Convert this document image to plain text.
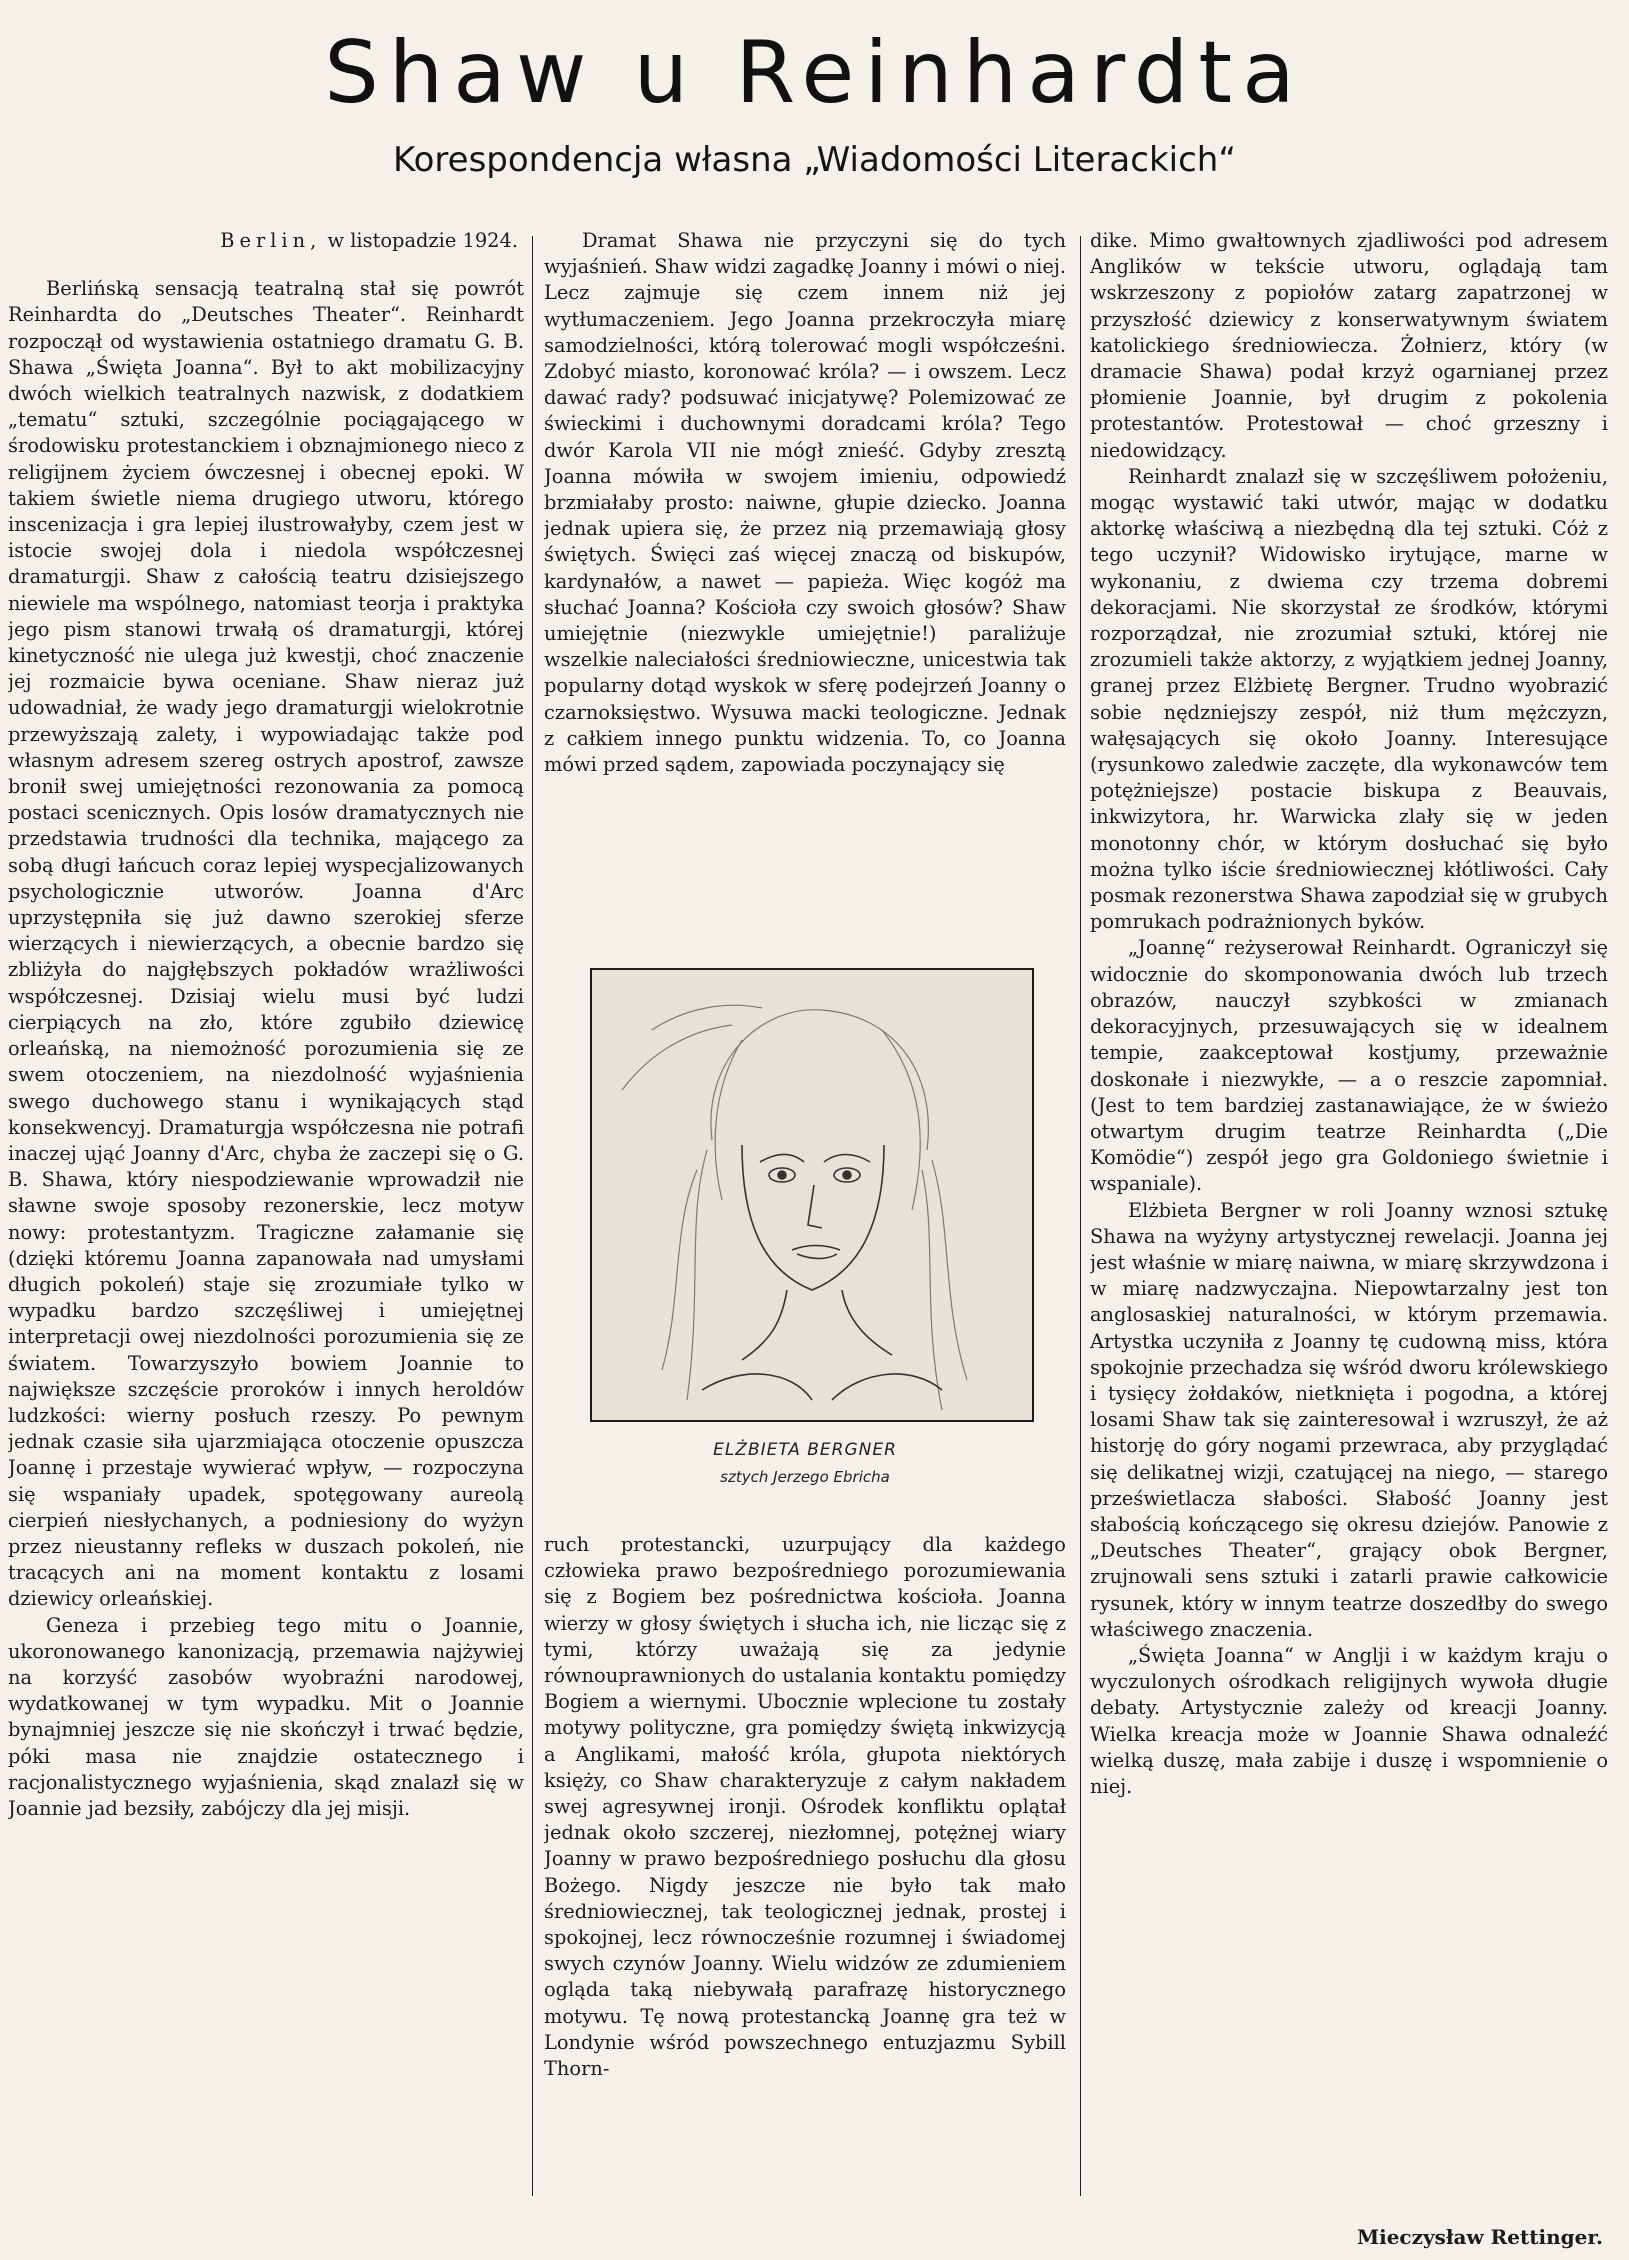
Shaw u Reinhardta
Korespondencja własna „Wiadomości Literackich“
Berlin, w listopadzie 1924.

Berlińską sensacją teatralną stał się powrót Reinhardta do „Deutsches Theater“. Reinhardt rozpoczął od wystawienia ostatniego dramatu G. B. Shawa „Święta Joanna“. Był to akt mobilizacyjny dwóch wielkich teatralnych nazwisk, z dodatkiem „tematu“ sztuki, szczególnie pociągającego w środowisku protestanckiem i obznajmionego nieco z religijnem życiem ówczesnej i obecnej epoki. W takiem świetle niema drugiego utworu, którego inscenizacja i gra lepiej ilustrowałyby, czem jest w istocie swojej dola i niedola współczesnej dramaturgji. Shaw z całością teatru dzisiejszego niewiele ma wspólnego, natomiast teorja i praktyka jego pism stanowi trwałą oś dramaturgji, której kinetyczność nie ulega już kwestji, choć znaczenie jej rozmaicie bywa oceniane. Shaw nieraz już udowadniał, że wady jego dramaturgji wielokrotnie przewyższają zalety, i wypowiadając także pod własnym adresem szereg ostrych apostrof, zawsze bronił swej umiejętności rezonowania za pomocą postaci scenicznych. Opis losów dramatycznych nie przedstawia trudności dla technika, mającego za sobą długi łańcuch coraz lepiej wyspecjalizowanych psychologicznie utworów. Joanna d'Arc uprzystępniła się już dawno szerokiej sferze wierzących i niewierzących, a obecnie bardzo się zbliżyła do najgłębszych pokładów wrażliwości współczesnej. Dzisiaj wielu musi być ludzi cierpiących na zło, które zgubiło dziewicę orleańską, na niemożność porozumienia się ze swem otoczeniem, na niezdolność wyjaśnienia swego duchowego stanu i wynikających stąd konsekwencyj. Dramaturgja współczesna nie potrafi inaczej ująć Joanny d'Arc, chyba że zaczepi się o G. B. Shawa, który niespodziewanie wprowadził nie sławne swoje sposoby rezonerskie, lecz motyw nowy: protestantyzm. Tragiczne załamanie się (dzięki któremu Joanna zapanowała nad umysłami długich pokoleń) staje się zrozumiałe tylko w wypadku bardzo szczęśliwej i umiejętnej interpretacji owej niezdolności porozumienia się ze światem. Towarzyszyło bowiem Joannie to największe szczęście proroków i innych heroldów ludzkości: wierny posłuch rzeszy. Po pewnym jednak czasie siła ujarzmiająca otoczenie opuszcza Joannę i przestaje wywierać wpływ, — rozpoczyna się wspaniały upadek, spotęgowany aureolą cierpień niesłychanych, a podniesiony do wyżyn przez nieustanny refleks w duszach pokoleń, nie tracących ani na moment kontaktu z losami dziewicy orleańskiej.

Geneza i przebieg tego mitu o Joannie, ukoronowanego kanonizacją, przemawia najżywiej na korzyść zasobów wyobraźni narodowej, wydatkowanej w tym wypadku. Mit o Joannie bynajmniej jeszcze się nie skończył i trwać będzie, póki masa nie znajdzie ostatecznego i racjonalistycznego wyjaśnienia, skąd znalazł się w Joannie jad bezsiły, zabójczy dla jej misji.

Dramat Shawa nie przyczyni się do tych wyjaśnień. Shaw widzi zagadkę Joanny i mówi o niej. Lecz zajmuje się czem innem niż jej wytłumaczeniem. Jego Joanna przekroczyła miarę samodzielności, którą tolerować mogli współcześni. Zdobyć miasto, koronować króla? — i owszem. Lecz dawać rady? podsuwać inicjatywę? Polemizować ze świeckimi i duchownymi doradcami króla? Tego dwór Karola VII nie mógł znieść. Gdyby zresztą Joanna mówiła w swojem imieniu, odpowiedź brzmiałaby prosto: naiwne, głupie dziecko. Joanna jednak upiera się, że przez nią przemawiają głosy świętych. Święci zaś więcej znaczą od biskupów, kardynałów, a nawet — papieża. Więc kogóż ma słuchać Joanna? Kościoła czy swoich głosów? Shaw umiejętnie (niezwykle umiejętnie!) paraliżuje wszelkie naleciałości średniowieczne, unicestwia tak popularny dotąd wyskok w sferę podejrzeń Joanny o czarnoksięstwo. Wysuwa macki teologiczne. Jednak z całkiem innego punktu widzenia. To, co Joanna mówi przed sądem, zapowiada poczynający się

ELŻBIETA BERGNER
sztych Jerzego Ebricha

ruch protestancki, uzurpujący dla każdego człowieka prawo bezpośredniego porozumiewania się z Bogiem bez pośrednictwa kościoła. Joanna wierzy w głosy świętych i słucha ich, nie licząc się z tymi, którzy uważają się za jedynie równouprawnionych do ustalania kontaktu pomiędzy Bogiem a wiernymi. Ubocznie wplecione tu zostały motywy polityczne, gra pomiędzy świętą inkwizycją a Anglikami, małość króla, głupota niektórych księży, co Shaw charakteryzuje z całym nakładem swej agresywnej ironji. Ośrodek konfliktu oplątał jednak około szczerej, niezłomnej, potężnej wiary Joanny w prawo bezpośredniego posłuchu dla głosu Bożego. Nigdy jeszcze nie było tak mało średniowiecznej, tak teologicznej jednak, prostej i spokojnej, lecz równocześnie rozumnej i świadomej swych czynów Joanny. Wielu widzów ze zdumieniem ogląda taką niebywałą parafrazę historycznego motywu. Tę nową protestancką Joannę gra też w Londynie wśród powszechnego entuzjazmu Sybill Thorn-

dike. Mimo gwałtownych zjadliwości pod adresem Anglików w tekście utworu, oglądają tam wskrzeszony z popiołów zatarg zapatrzonej w przyszłość dziewicy z konserwatywnym światem katolickiego średniowiecza. Żołnierz, który (w dramacie Shawa) podał krzyż ogarnianej przez płomienie Joannie, był drugim z pokolenia protestantów. Protestował — choć grzeszny i niedowidzący.

Reinhardt znalazł się w szczęśliwem położeniu, mogąc wystawić taki utwór, mając w dodatku aktorkę właściwą a niezbędną dla tej sztuki. Cóż z tego uczynił? Widowisko irytujące, marne w wykonaniu, z dwiema czy trzema dobremi dekoracjami. Nie skorzystał ze środków, którymi rozporządzał, nie zrozumiał sztuki, której nie zrozumieli także aktorzy, z wyjątkiem jednej Joanny, granej przez Elżbietę Bergner. Trudno wyobrazić sobie nędzniejszy zespół, niż tłum mężczyzn, wałęsających się około Joanny. Interesujące (rysunkowo zaledwie zaczęte, dla wykonawców tem potężniejsze) postacie biskupa z Beauvais, inkwizytora, hr. Warwicka zlały się w jeden monotonny chór, w którym dosłuchać się było można tylko iście średniowiecznej kłótliwości. Cały posmak rezonerstwa Shawa zapodział się w grubych pomrukach podrażnionych byków.

„Joannę“ reżyserował Reinhardt. Ograniczył się widocznie do skomponowania dwóch lub trzech obrazów, nauczył szybkości w zmianach dekoracyjnych, przesuwających się w idealnem tempie, zaakceptował kostjumy, przeważnie doskonałe i niezwykłe, — a o reszcie zapomniał. (Jest to tem bardziej zastanawiające, że w świeżo otwartym drugim teatrze Reinhardta („Die Komödie“) zespół jego gra Goldoniego świetnie i wspaniale).

Elżbieta Bergner w roli Joanny wznosi sztukę Shawa na wyżyny artystycznej rewelacji. Joanna jej jest właśnie w miarę naiwna, w miarę skrzywdzona i w miarę nadzwyczajna. Niepowtarzalny jest ton anglosaskiej naturalności, w którym przemawia. Artystka uczyniła z Joanny tę cudowną miss, która spokojnie przechadza się wśród dworu królewskiego i tysięcy żołdaków, nietknięta i pogodna, a której losami Shaw tak się zainteresował i wzruszył, że aż historję do góry nogami przewraca, aby przyglądać się delikatnej wizji, czatującej na niego, — starego prześwietlacza słabości. Słabość Joanny jest słabością kończącego się okresu dziejów. Panowie z „Deutsches Theater“, grający obok Bergner, zrujnowali sens sztuki i zatarli prawie całkowicie rysunek, który w innym teatrze doszedłby do swego właściwego znaczenia.

„Święta Joanna“ w Anglji i w każdym kraju o wyczulonych ośrodkach religijnych wywoła długie debaty. Artystycznie zależy od kreacji Joanny. Wielka kreacja może w Joannie Shawa odnaleźć wielką duszę, mała zabije i duszę i wspomnienie o niej.

Mieczysław Rettinger.
